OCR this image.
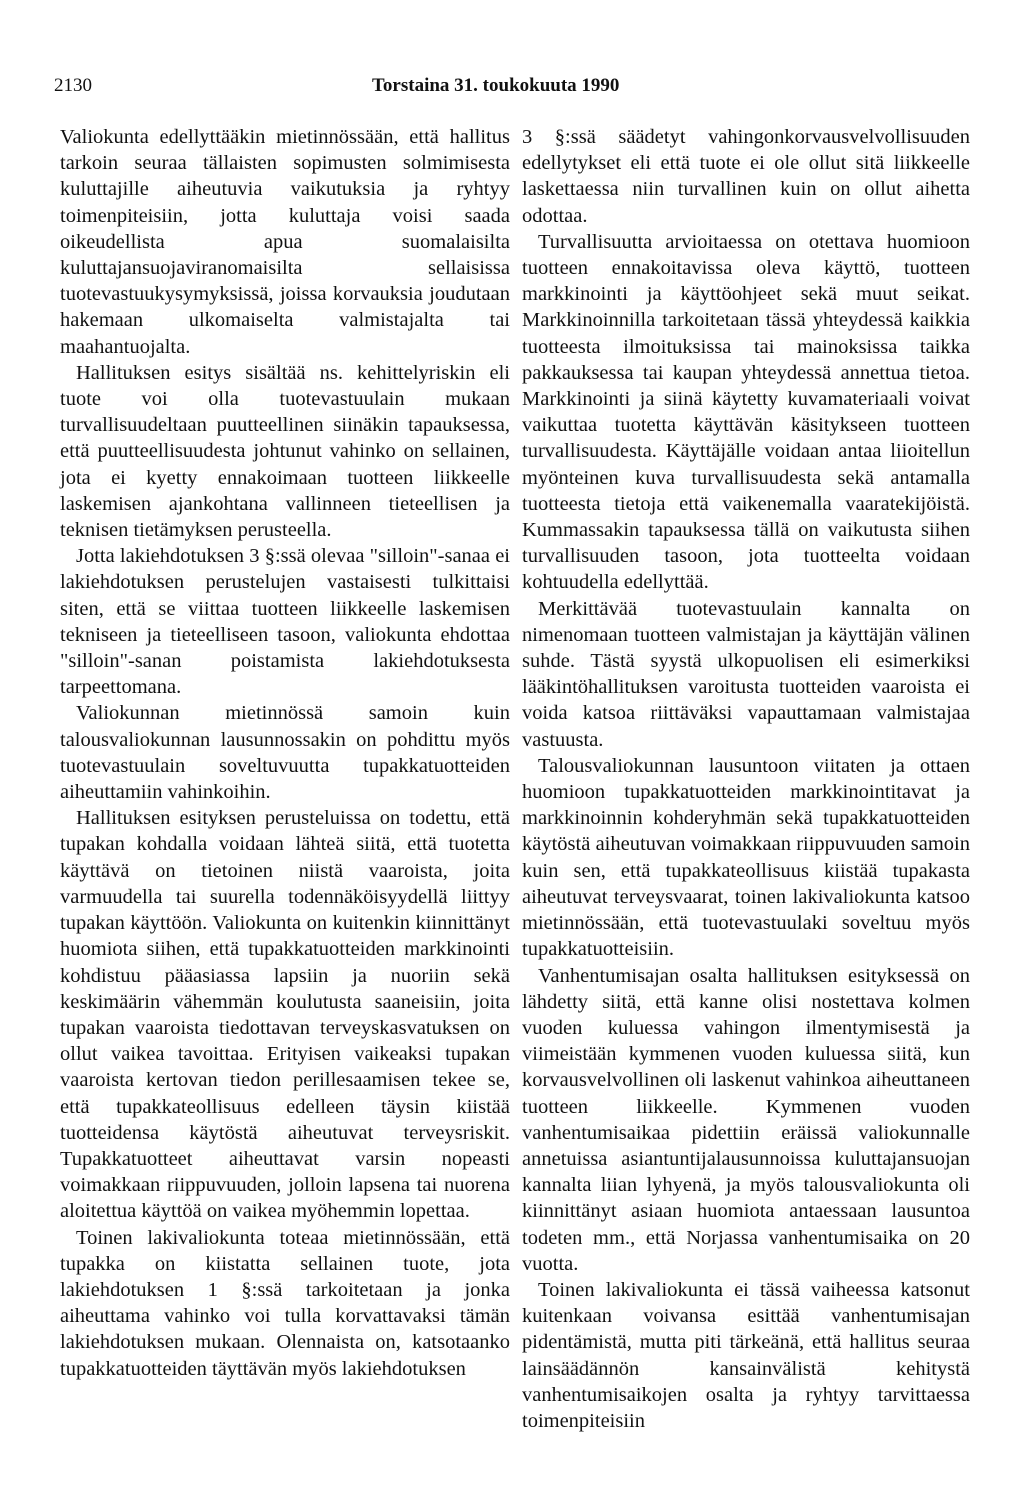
2130	Torstaina 31. toukokuuta 1990

Valiokunta edellyttääkin mietinnössään, että hallitus tarkoin seuraa tällaisten sopimusten solmimisesta kuluttajille aiheutuvia vaikutuksia ja ryhtyy toimenpiteisiin, jotta kuluttaja voisi saada oikeudellista apua suomalaisilta kuluttajansuojaviranomaisilta sellaisissa tuotevastuukysymyksissä, joissa korvauksia joudutaan hakemaan ulkomaiselta valmistajalta tai maahantuojalta.

Hallituksen esitys sisältää ns. kehittelyriskin eli tuote voi olla tuotevastuulain mukaan turvallisuudeltaan puutteellinen siinäkin tapauksessa, että puutteellisuudesta johtunut vahinko on sellainen, jota ei kyetty ennakoimaan tuotteen liikkeelle laskemisen ajankohtana vallinneen tieteellisen ja teknisen tietämyksen perusteella.

Jotta lakiehdotuksen 3 §:ssä olevaa "silloin"-sanaa ei lakiehdotuksen perustelujen vastaisesti tulkittaisi siten, että se viittaa tuotteen liikkeelle laskemisen tekniseen ja tieteelliseen tasoon, valiokunta ehdottaa "silloin"-sanan poistamista lakiehdotuksesta tarpeettomana.

Valiokunnan mietinnössä samoin kuin talousvaliokunnan lausunnossakin on pohdittu myös tuotevastuulain soveltuvuutta tupakkatuotteiden aiheuttamiin vahinkoihin.

Hallituksen esityksen perusteluissa on todettu, että tupakan kohdalla voidaan lähteä siitä, että tuotetta käyttävä on tietoinen niistä vaaroista, joita varmuudella tai suurella todennäköisyydellä liittyy tupakan käyttöön. Valiokunta on kuitenkin kiinnittänyt huomiota siihen, että tupakkatuotteiden markkinointi kohdistuu pääasiassa lapsiin ja nuoriin sekä keskimäärin vähemmän koulutusta saaneisiin, joita tupakan vaaroista tiedottavan terveyskasvatuksen on ollut vaikea tavoittaa. Erityisen vaikeaksi tupakan vaaroista kertovan tiedon perillesaamisen tekee se, että tupakkateollisuus edelleen täysin kiistää tuotteidensa käytöstä aiheutuvat terveysriskit. Tupakkatuotteet aiheuttavat varsin nopeasti voimakkaan riippuvuuden, jolloin lapsena tai nuorena aloitettua käyttöä on vaikea myöhemmin lopettaa.

Toinen lakivaliokunta toteaa mietinnössään, että tupakka on kiistatta sellainen tuote, jota lakiehdotuksen 1 §:ssä tarkoitetaan ja jonka aiheuttama vahinko voi tulla korvattavaksi tämän lakiehdotuksen mukaan. Olennaista on, katsotaanko tupakkatuotteiden täyttävän myös lakiehdotuksen

3 §:ssä säädetyt vahingonkorvausvelvollisuuden edellytykset eli että tuote ei ole ollut sitä liikkeelle laskettaessa niin turvallinen kuin on ollut aihetta odottaa.

Turvallisuutta arvioitaessa on otettava huomioon tuotteen ennakoitavissa oleva käyttö, tuotteen markkinointi ja käyttöohjeet sekä muut seikat. Markkinoinnilla tarkoitetaan tässä yhteydessä kaikkia tuotteesta ilmoituksissa tai mainoksissa taikka pakkauksessa tai kaupan yhteydessä annettua tietoa. Markkinointi ja siinä käytetty kuvamateriaali voivat vaikuttaa tuotetta käyttävän käsitykseen tuotteen turvallisuudesta. Käyttäjälle voidaan antaa liioitellun myönteinen kuva turvallisuudesta sekä antamalla tuotteesta tietoja että vaikenemalla vaaratekijöistä. Kummassakin tapauksessa tällä on vaikutusta siihen turvallisuuden tasoon, jota tuotteelta voidaan kohtuudella edellyttää.

Merkittävää tuotevastuulain kannalta on nimenomaan tuotteen valmistajan ja käyttäjän välinen suhde. Tästä syystä ulkopuolisen eli esimerkiksi lääkintöhallituksen varoitusta tuotteiden vaaroista ei voida katsoa riittäväksi vapauttamaan valmistajaa vastuusta.

Talousvaliokunnan lausuntoon viitaten ja ottaen huomioon tupakkatuotteiden markkinointitavat ja markkinoinnin kohderyhmän sekä tupakkatuotteiden käytöstä aiheutuvan voimakkaan riippuvuuden samoin kuin sen, että tupakkateollisuus kiistää tupakasta aiheutuvat terveysvaarat, toinen lakivaliokunta katsoo mietinnössään, että tuotevastuulaki soveltuu myös tupakkatuotteisiin.

Vanhentumisajan osalta hallituksen esityksessä on lähdetty siitä, että kanne olisi nostettava kolmen vuoden kuluessa vahingon ilmentymisestä ja viimeistään kymmenen vuoden kuluessa siitä, kun korvausvelvollinen oli laskenut vahinkoa aiheuttaneen tuotteen liikkeelle. Kymmenen vuoden vanhentumisaikaa pidettiin eräissä valiokunnalle annetuissa asiantuntijalausunnoissa kuluttajansuojan kannalta liian lyhyenä, ja myös talousvaliokunta oli kiinnittänyt asiaan huomiota antaessaan lausuntoa todeten mm., että Norjassa vanhentumisaika on 20 vuotta.

Toinen lakivaliokunta ei tässä vaiheessa katsonut kuitenkaan voivansa esittää vanhentumisajan pidentämistä, mutta piti tärkeänä, että hallitus seuraa lainsäädännön kansainvälistä kehitystä vanhentumisaikojen osalta ja ryhtyy tarvittaessa toimenpiteisiin
